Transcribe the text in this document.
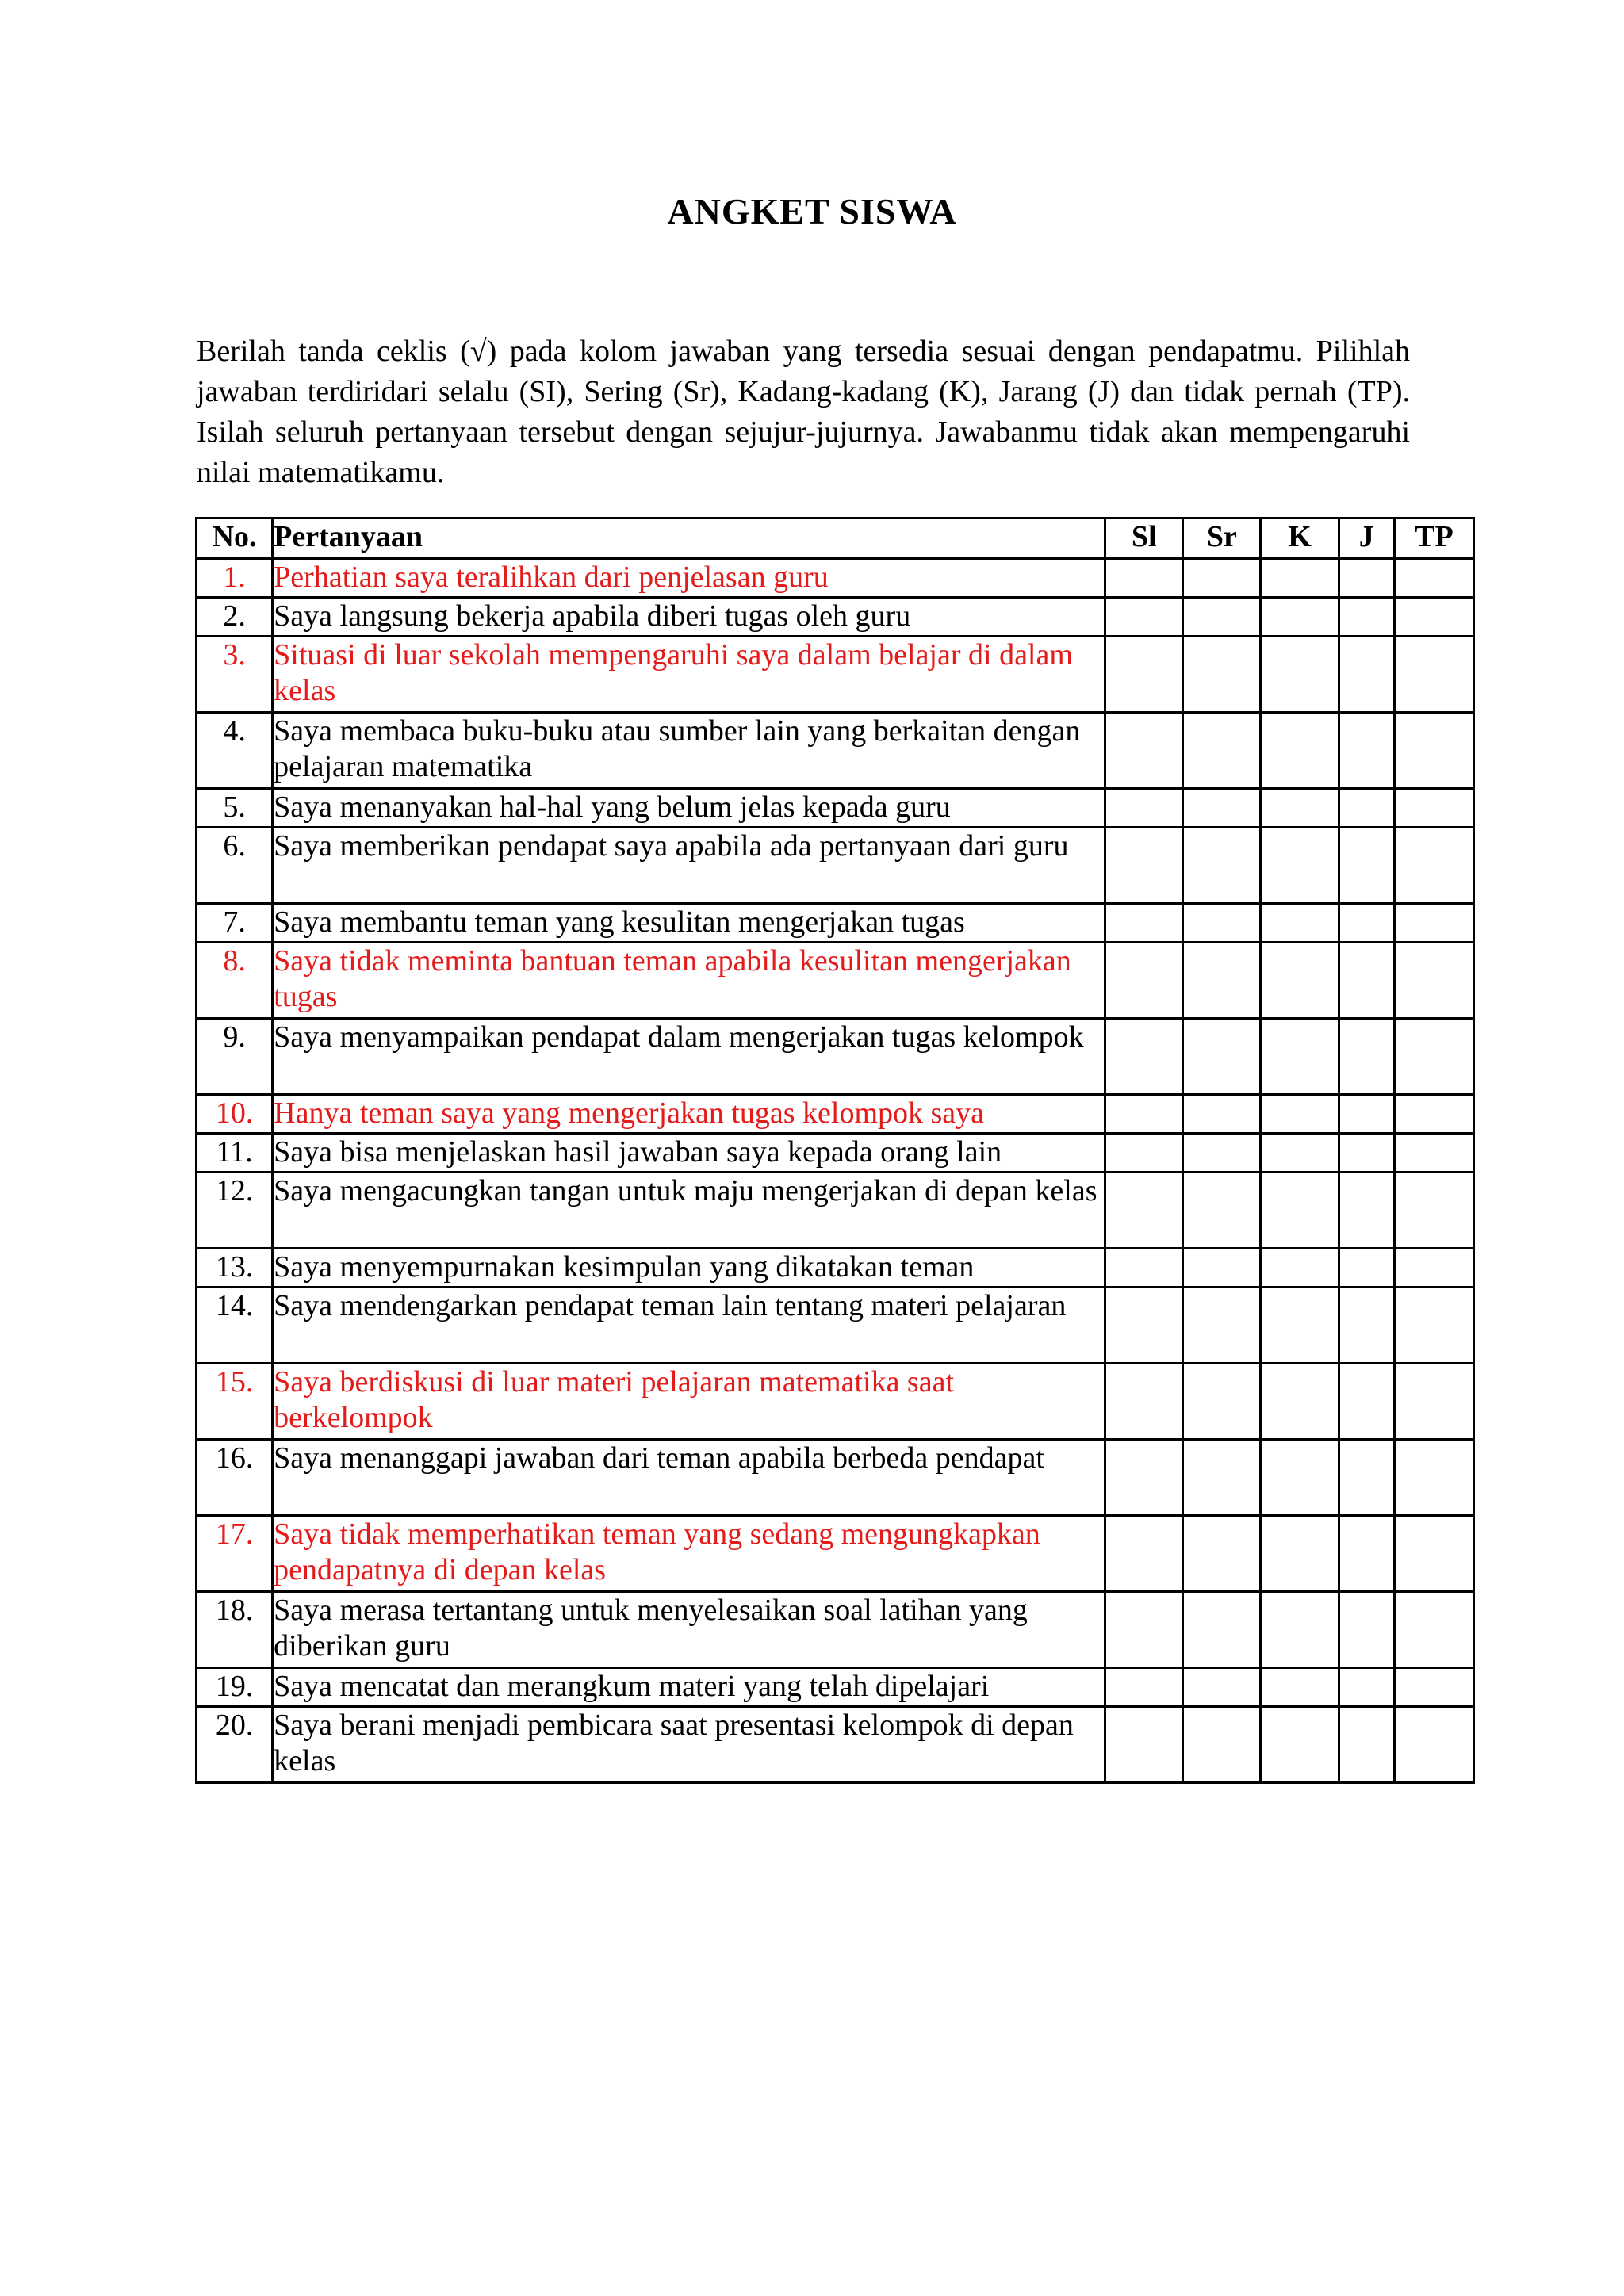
ANGKET SISWA
Berilah tanda ceklis (√) pada kolom jawaban yang tersedia sesuai dengan pendapatmu. Pilihlah jawaban terdiridari selalu (SI), Sering (Sr), Kadang-kadang (K), Jarang (J) dan tidak pernah (TP). Isilah seluruh pertanyaan tersebut dengan sejujur-jujurnya. Jawabanmu tidak akan mempengaruhi nilai matematikamu.
No.	Pertanyaan	Sl	Sr	K	J	TP
1.	Perhatian saya teralihkan dari penjelasan guru					
2.	Saya langsung bekerja apabila diberi tugas oleh guru					
3.	Situasi di luar sekolah mempengaruhi saya dalam belajar di dalam kelas					
4.	Saya membaca buku-buku atau sumber lain yang berkaitan dengan pelajaran matematika					
5.	Saya menanyakan hal-hal yang belum jelas kepada guru					
6.	Saya memberikan pendapat saya apabila ada pertanyaan dari guru					
7.	Saya membantu teman yang kesulitan mengerjakan tugas					
8.	Saya tidak meminta bantuan teman apabila kesulitan mengerjakan tugas					
9.	Saya menyampaikan pendapat dalam mengerjakan tugas kelompok					
10.	Hanya teman saya yang mengerjakan tugas kelompok saya					
11.	Saya bisa menjelaskan hasil jawaban saya kepada orang lain					
12.	Saya mengacungkan tangan untuk maju mengerjakan di depan kelas					
13.	Saya menyempurnakan kesimpulan yang dikatakan teman					
14.	Saya mendengarkan pendapat teman lain tentang materi pelajaran					
15.	Saya berdiskusi di luar materi pelajaran matematika saat berkelompok					
16.	Saya menanggapi jawaban dari teman apabila berbeda pendapat					
17.	Saya tidak memperhatikan teman yang sedang mengungkapkan pendapatnya di depan kelas					
18.	Saya merasa tertantang untuk menyelesaikan soal latihan yang diberikan guru					
19.	Saya mencatat dan merangkum materi yang telah dipelajari					
20.	Saya berani menjadi pembicara saat presentasi kelompok di depan kelas					
